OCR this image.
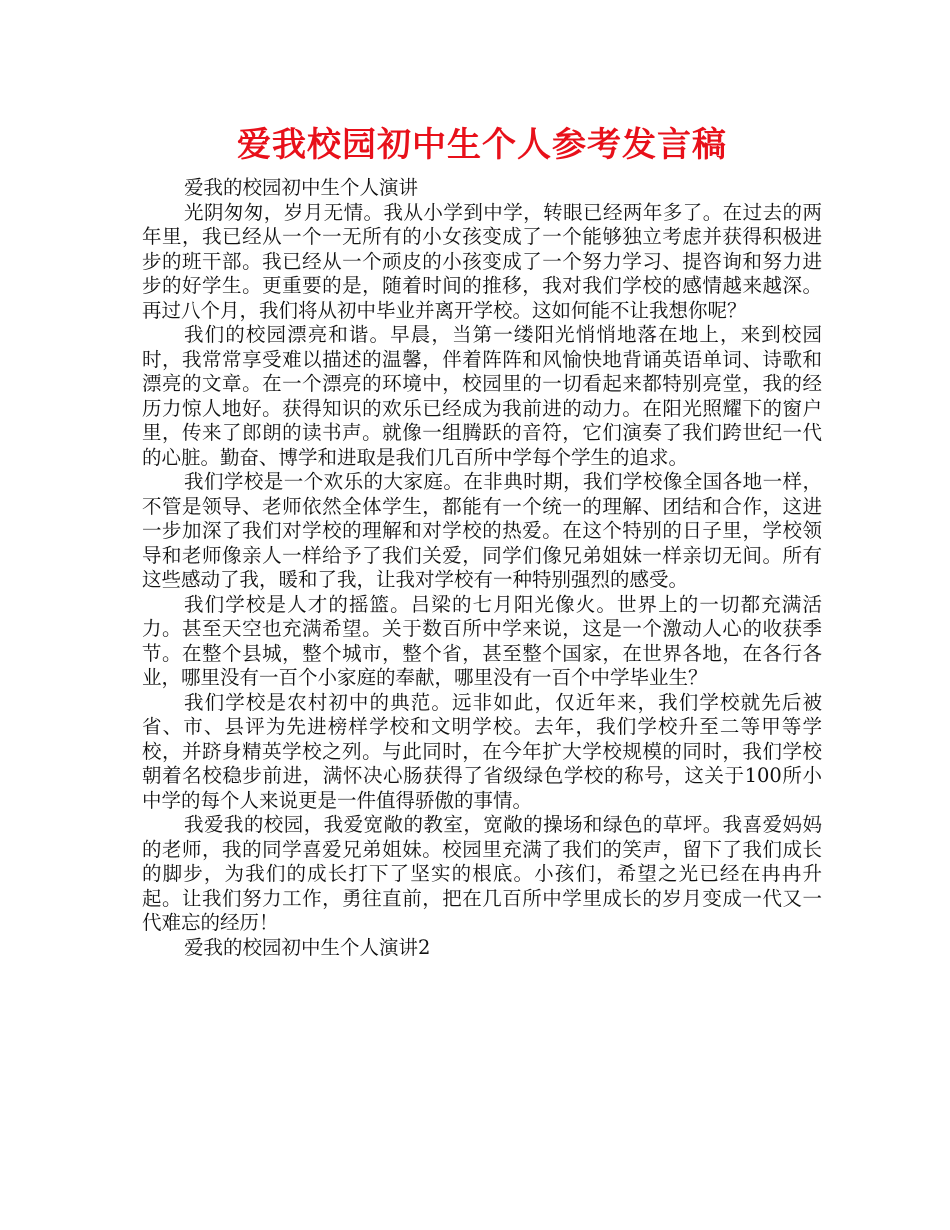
爱我校园初中生个人参考发言稿

爱我的校园初中生个人演讲

光阴匆匆，岁月无情。我从小学到中学，转眼已经两年多了。在过去的两年里，我已经从一个一无所有的小女孩变成了一个能够独立考虑并获得积极进步的班干部。我已经从一个顽皮的小孩变成了一个努力学习、提咨询和努力进步的好学生。更重要的是，随着时间的推移，我对我们学校的感情越来越深。再过八个月，我们将从初中毕业并离开学校。这如何能不让我想你呢？

我们的校园漂亮和谐。早晨，当第一缕阳光悄悄地落在地上，来到校园时，我常常享受难以描述的温馨，伴着阵阵和风愉快地背诵英语单词、诗歌和漂亮的文章。在一个漂亮的环境中，校园里的一切看起来都特别亮堂，我的经历力惊人地好。获得知识的欢乐已经成为我前进的动力。在阳光照耀下的窗户里，传来了郎朗的读书声。就像一组腾跃的音符，它们演奏了我们跨世纪一代的心脏。勤奋、博学和进取是我们几百所中学每个学生的追求。

我们学校是一个欢乐的大家庭。在非典时期，我们学校像全国各地一样，不管是领导、老师依然全体学生，都能有一个统一的理解、团结和合作，这进一步加深了我们对学校的理解和对学校的热爱。在这个特别的日子里，学校领导和老师像亲人一样给予了我们关爱，同学们像兄弟姐妹一样亲切无间。所有这些感动了我，暖和了我，让我对学校有一种特别强烈的感受。

我们学校是人才的摇篮。吕梁的七月阳光像火。世界上的一切都充满活力。甚至天空也充满希望。关于数百所中学来说，这是一个激动人心的收获季节。在整个县城，整个城市，整个省，甚至整个国家，在世界各地，在各行各业，哪里没有一百个小家庭的奉献，哪里没有一百个中学毕业生？

我们学校是农村初中的典范。远非如此，仅近年来，我们学校就先后被省、市、县评为先进榜样学校和文明学校。去年，我们学校升至二等甲等学校，并跻身精英学校之列。与此同时，在今年扩大学校规模的同时，我们学校朝着名校稳步前进，满怀决心肠获得了省级绿色学校的称号，这关于100所小中学的每个人来说更是一件值得骄傲的事情。

我爱我的校园，我爱宽敞的教室，宽敞的操场和绿色的草坪。我喜爱妈妈的老师，我的同学喜爱兄弟姐妹。校园里充满了我们的笑声，留下了我们成长的脚步，为我们的成长打下了坚实的根底。小孩们，希望之光已经在冉冉升起。让我们努力工作，勇往直前，把在几百所中学里成长的岁月变成一代又一代难忘的经历！

爱我的校园初中生个人演讲2
